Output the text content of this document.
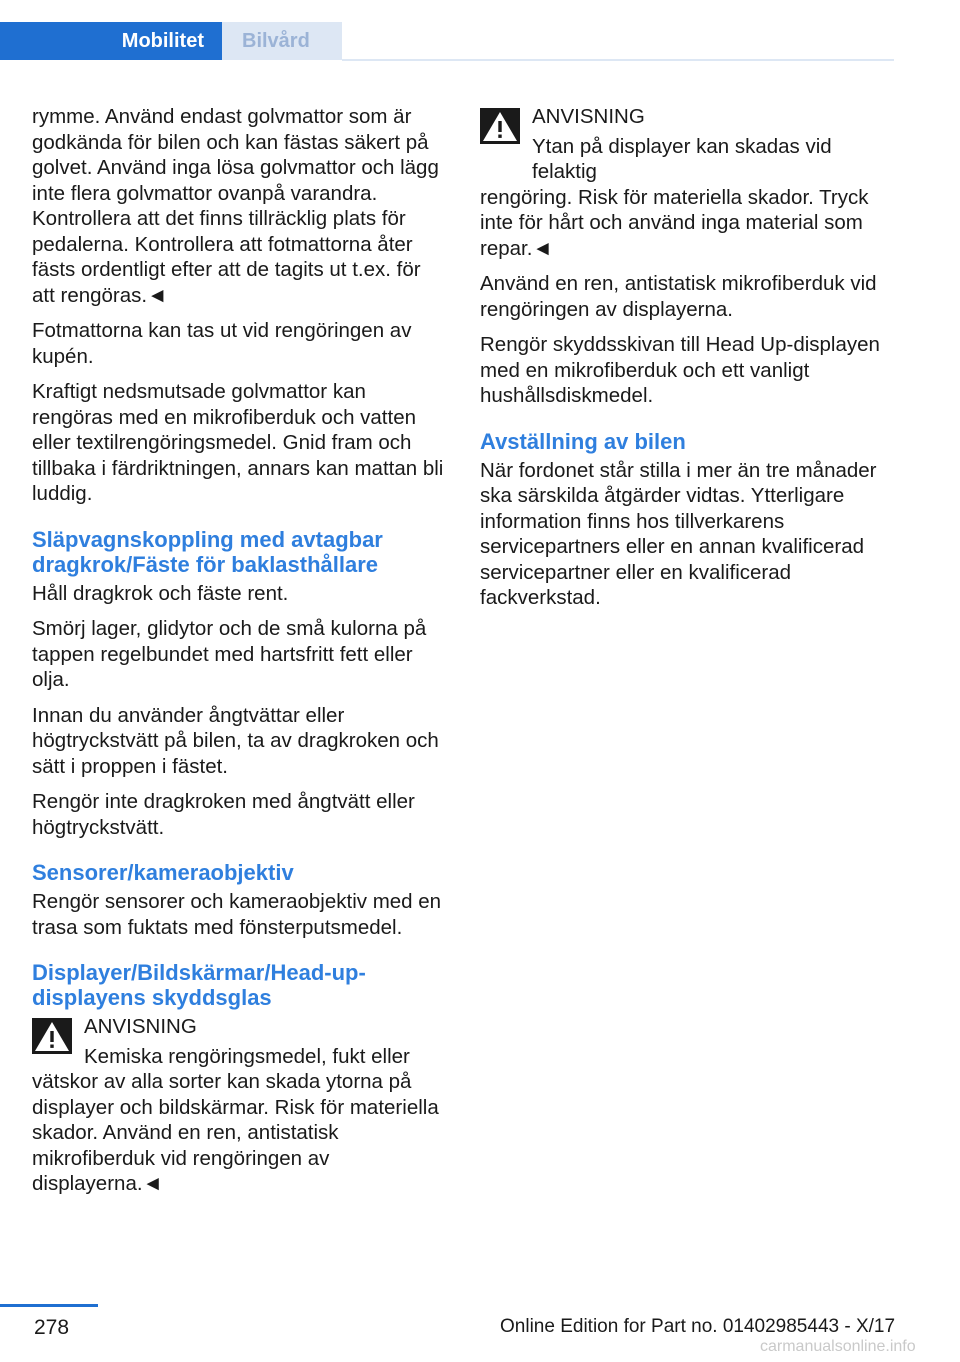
Mobilitet	Bilvård

rymme. Använd endast golvmattor som är godkända för bilen och kan fästas säkert på golvet. Använd inga lösa golvmattor och lägg inte flera golvmattor ovanpå varandra. Kontrollera att det finns tillräcklig plats för pedalerna. Kontrollera att fotmattorna åter fästs ordentligt efter att de tagits ut t.ex. för att rengöras.◄

Fotmattorna kan tas ut vid rengöringen av kupén.

Kraftigt nedsmutsade golvmattor kan rengöras med en mikrofiberduk och vatten eller textilrengöringsmedel. Gnid fram och tillbaka i färdriktningen, annars kan mattan bli luddig.

Släpvagnskoppling med avtagbar dragkrok/Fäste för baklasthållare

Håll dragkrok och fäste rent.

Smörj lager, glidytor och de små kulorna på tappen regelbundet med hartsfritt fett eller olja.

Innan du använder ångtvättar eller högtryckstvätt på bilen, ta av dragkroken och sätt i proppen i fästet.

Rengör inte dragkroken med ångtvätt eller högtryckstvätt.

Sensorer/kameraobjektiv

Rengör sensorer och kameraobjektiv med en trasa som fuktats med fönsterputsmedel.

Displayer/Bildskärmar/Head-up-displayens skyddsglas

ANVISNING

Kemiska rengöringsmedel, fukt eller

vätskor av alla sorter kan skada ytorna på displayer och bildskärmar. Risk för materiella skador. Använd en ren, antistatisk mikrofiberduk vid rengöringen av displayerna.◄

ANVISNING

Ytan på displayer kan skadas vid felaktig

rengöring. Risk för materiella skador. Tryck inte för hårt och använd inga material som repar.◄

Använd en ren, antistatisk mikrofiberduk vid rengöringen av displayerna.

Rengör skyddsskivan till Head Up-displayen med en mikrofiberduk och ett vanligt hushållsdiskmedel.

Avställning av bilen

När fordonet står stilla i mer än tre månader ska särskilda åtgärder vidtas. Ytterligare information finns hos tillverkarens servicepartners eller en annan kvalificerad servicepartner eller en kvalificerad fackverkstad.

278	Online Edition for Part no. 01402985443 - X/17
carmanualsonline.info
